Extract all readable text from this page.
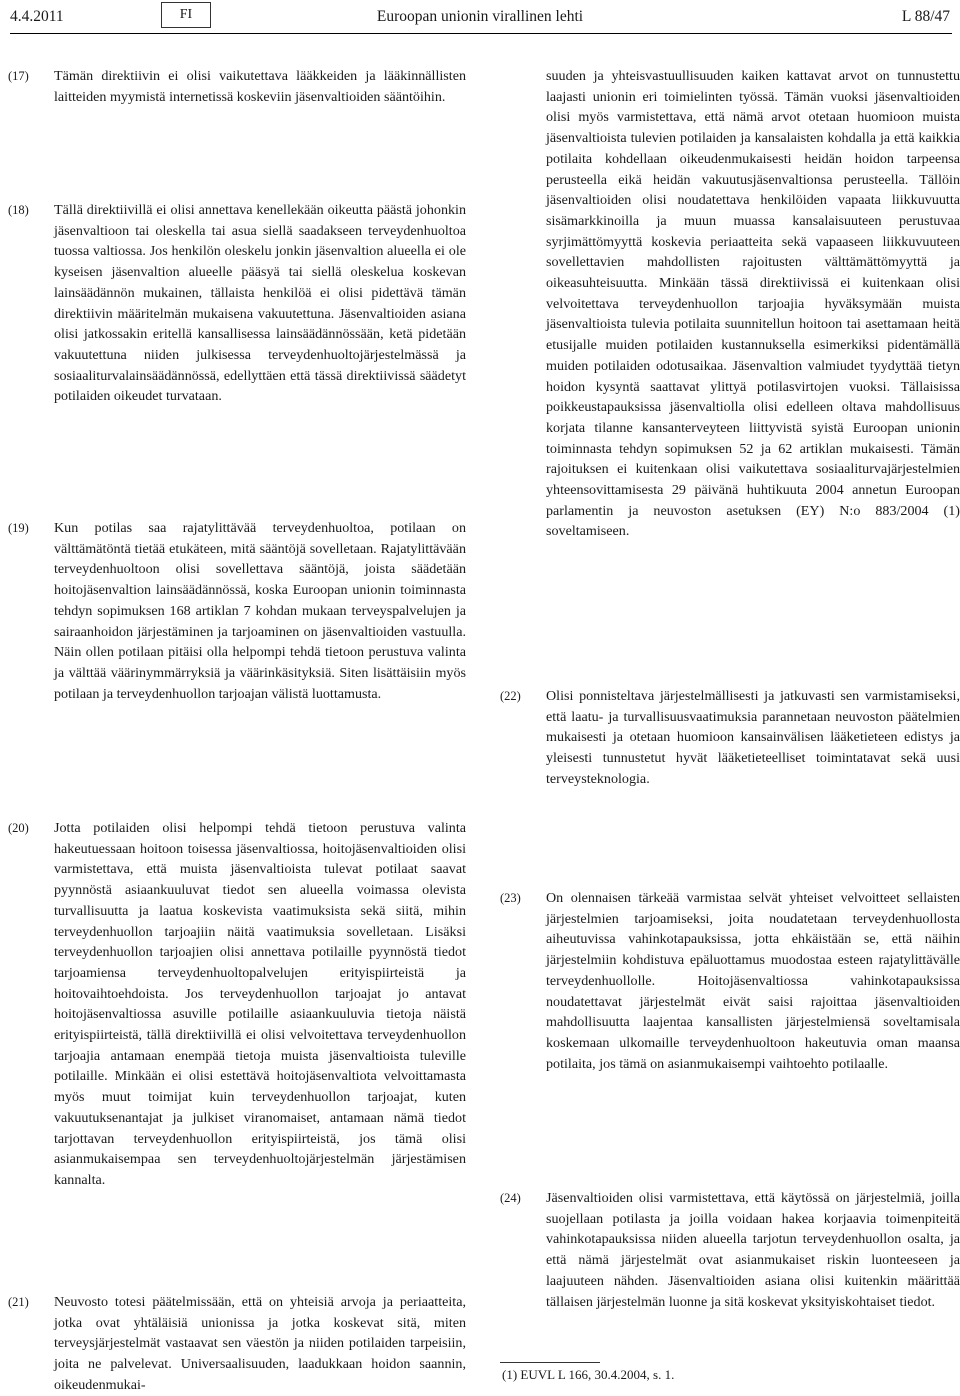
4.4.2011	FI	Euroopan unionin virallinen lehti	L 88/47
(17)	Tämän direktiivin ei olisi vaikutettava lääkkeiden ja lääkinnällisten laitteiden myymistä internetissä koskeviin jäsenvaltioiden sääntöihin.
(18)	Tällä direktiivillä ei olisi annettava kenellekään oikeutta päästä johonkin jäsenvaltioon tai oleskella tai asua siellä saadakseen terveydenhuoltoa tuossa valtiossa. Jos henkilön oleskelu jonkin jäsenvaltion alueella ei ole kyseisen jäsenvaltion alueelle pääsyä tai siellä oleskelua koskevan lainsäädännön mukainen, tällaista henkilöä ei olisi pidettävä tämän direktiivin määritelmän mukaisena vakuutettuna. Jäsenvaltioiden asiana olisi jatkossakin eritellä kansallisessa lainsäädännössään, ketä pidetään vakuutettuna niiden julkisessa terveydenhuoltojärjestelmässä ja sosiaaliturvalainsäädännössä, edellyttäen että tässä direktiivissä säädetyt potilaiden oikeudet turvataan.
(19)	Kun potilas saa rajatylittävää terveydenhuoltoa, potilaan on välttämätöntä tietää etukäteen, mitä sääntöjä sovelletaan. Rajatylittävään terveydenhuoltoon olisi sovellettava sääntöjä, joista säädetään hoitojäsenvaltion lainsäädännössä, koska Euroopan unionin toiminnasta tehdyn sopimuksen 168 artiklan 7 kohdan mukaan terveyspalvelujen ja sairaanhoidon järjestäminen ja tarjoaminen on jäsenvaltioiden vastuulla. Näin ollen potilaan pitäisi olla helpompi tehdä tietoon perustuva valinta ja välttää väärinymmärryksiä ja väärinkäsityksiä. Siten lisättäisiin myös potilaan ja terveydenhuollon tarjoajan välistä luottamusta.
(20)	Jotta potilaiden olisi helpompi tehdä tietoon perustuva valinta hakeutuessaan hoitoon toisessa jäsenvaltiossa, hoitojäsenvaltioiden olisi varmistettava, että muista jäsenvaltioista tulevat potilaat saavat pyynnöstä asiaankuuluvat tiedot sen alueella voimassa olevista turvallisuutta ja laatua koskevista vaatimuksista sekä siitä, mihin terveydenhuollon tarjoajiin näitä vaatimuksia sovelletaan. Lisäksi terveydenhuollon tarjoajien olisi annettava potilaille pyynnöstä tiedot tarjoamiensa terveydenhuoltopalvelujen erityispiirteistä ja hoitovaihtoehdoista. Jos terveydenhuollon tarjoajat jo antavat hoitojäsenvaltiossa asuville potilaille asiaankuuluvia tietoja näistä erityispiirteistä, tällä direktiivillä ei olisi velvoitettava terveydenhuollon tarjoajia antamaan enempää tietoja muista jäsenvaltioista tuleville potilaille. Minkään ei olisi estettävä hoitojäsenvaltiota velvoittamasta myös muut toimijat kuin terveydenhuollon tarjoajat, kuten vakuutuksenantajat ja julkiset viranomaiset, antamaan nämä tiedot tarjottavan terveydenhuollon erityispiirteistä, jos tämä olisi asianmukaisempaa sen terveydenhuoltojärjestelmän järjestämisen kannalta.
(21)	Neuvosto totesi päätelmissään, että on yhteisiä arvoja ja periaatteita, jotka ovat yhtäläisiä unionissa ja jotka koskevat sitä, miten terveysjärjestelmät vastaavat sen väestön ja niiden potilaiden tarpeisiin, joita ne palvelevat. Universaalisuuden, laadukkaan hoidon saannin, oikeudenmukai-
suuden ja yhteisvastuullisuuden kaiken kattavat arvot on tunnustettu laajasti unionin eri toimielinten työssä. Tämän vuoksi jäsenvaltioiden olisi myös varmistettava, että nämä arvot otetaan huomioon muista jäsenvaltioista tulevien potilaiden ja kansalaisten kohdalla ja että kaikkia potilaita kohdellaan oikeudenmukaisesti heidän hoidon tarpeensa perusteella eikä heidän vakuutusjäsenvaltionsa perusteella. Tällöin jäsenvaltioiden olisi noudatettava henkilöiden vapaata liikkuvuutta sisämarkkinoilla ja muun muassa kansalaisuuteen perustuvaa syrjimättömyyttä koskevia periaatteita sekä vapaaseen liikkuvuuteen sovellettavien mahdollisten rajoitusten välttämättömyyttä ja oikeasuhteisuutta. Minkään tässä direktiivissä ei kuitenkaan olisi velvoitettava terveydenhuollon tarjoajia hyväksymään muista jäsenvaltioista tulevia potilaita suunnitellun hoitoon tai asettamaan heitä etusijalle muiden potilaiden kustannuksella esimerkiksi pidentämällä muiden potilaiden odotusaikaa. Jäsenvaltion valmiudet tyydyttää tietyn hoidon kysyntä saattavat ylittyä potilasvirtojen vuoksi. Tällaisissa poikkeustapauksissa jäsenvaltiolla olisi edelleen oltava mahdollisuus korjata tilanne kansanterveyteen liittyvistä syistä Euroopan unionin toiminnasta tehdyn sopimuksen 52 ja 62 artiklan mukaisesti. Tämän rajoituksen ei kuitenkaan olisi vaikutettava sosiaaliturvajärjestelmien yhteensovittamisesta 29 päivänä huhtikuuta 2004 annetun Euroopan parlamentin ja neuvoston asetuksen (EY) N:o 883/2004 (1) soveltamiseen.
(22)	Olisi ponnisteltava järjestelmällisesti ja jatkuvasti sen varmistamiseksi, että laatu- ja turvallisuusvaatimuksia parannetaan neuvoston päätelmien mukaisesti ja otetaan huomioon kansainvälisen lääketieteen edistys ja yleisesti tunnustetut hyvät lääketieteelliset toimintatavat sekä uusi terveysteknologia.
(23)	On olennaisen tärkeää varmistaa selvät yhteiset velvoitteet sellaisten järjestelmien tarjoamiseksi, joita noudatetaan terveydenhuollosta aiheutuvissa vahinkotapauksissa, jotta ehkäistään se, että näihin järjestelmiin kohdistuva epäluottamus muodostaa esteen rajatylittävälle terveydenhuollolle. Hoitojäsenvaltiossa vahinkotapauksissa noudatettavat järjestelmät eivät saisi rajoittaa jäsenvaltioiden mahdollisuutta laajentaa kansallisten järjestelmiensä soveltamisala koskemaan ulkomaille terveydenhuoltoon hakeutuvia oman maansa potilaita, jos tämä on asianmukaisempi vaihtoehto potilaalle.
(24)	Jäsenvaltioiden olisi varmistettava, että käytössä on järjestelmiä, joilla suojellaan potilasta ja joilla voidaan hakea korjaavia toimenpiteitä vahinkotapauksissa niiden alueella tarjotun terveydenhuollon osalta, ja että nämä järjestelmät ovat asianmukaiset riskin luonteeseen ja laajuuteen nähden. Jäsenvaltioiden asiana olisi kuitenkin määrittää tällaisen järjestelmän luonne ja sitä koskevat yksityiskohtaiset tiedot.
(1) EUVL L 166, 30.4.2004, s. 1.
